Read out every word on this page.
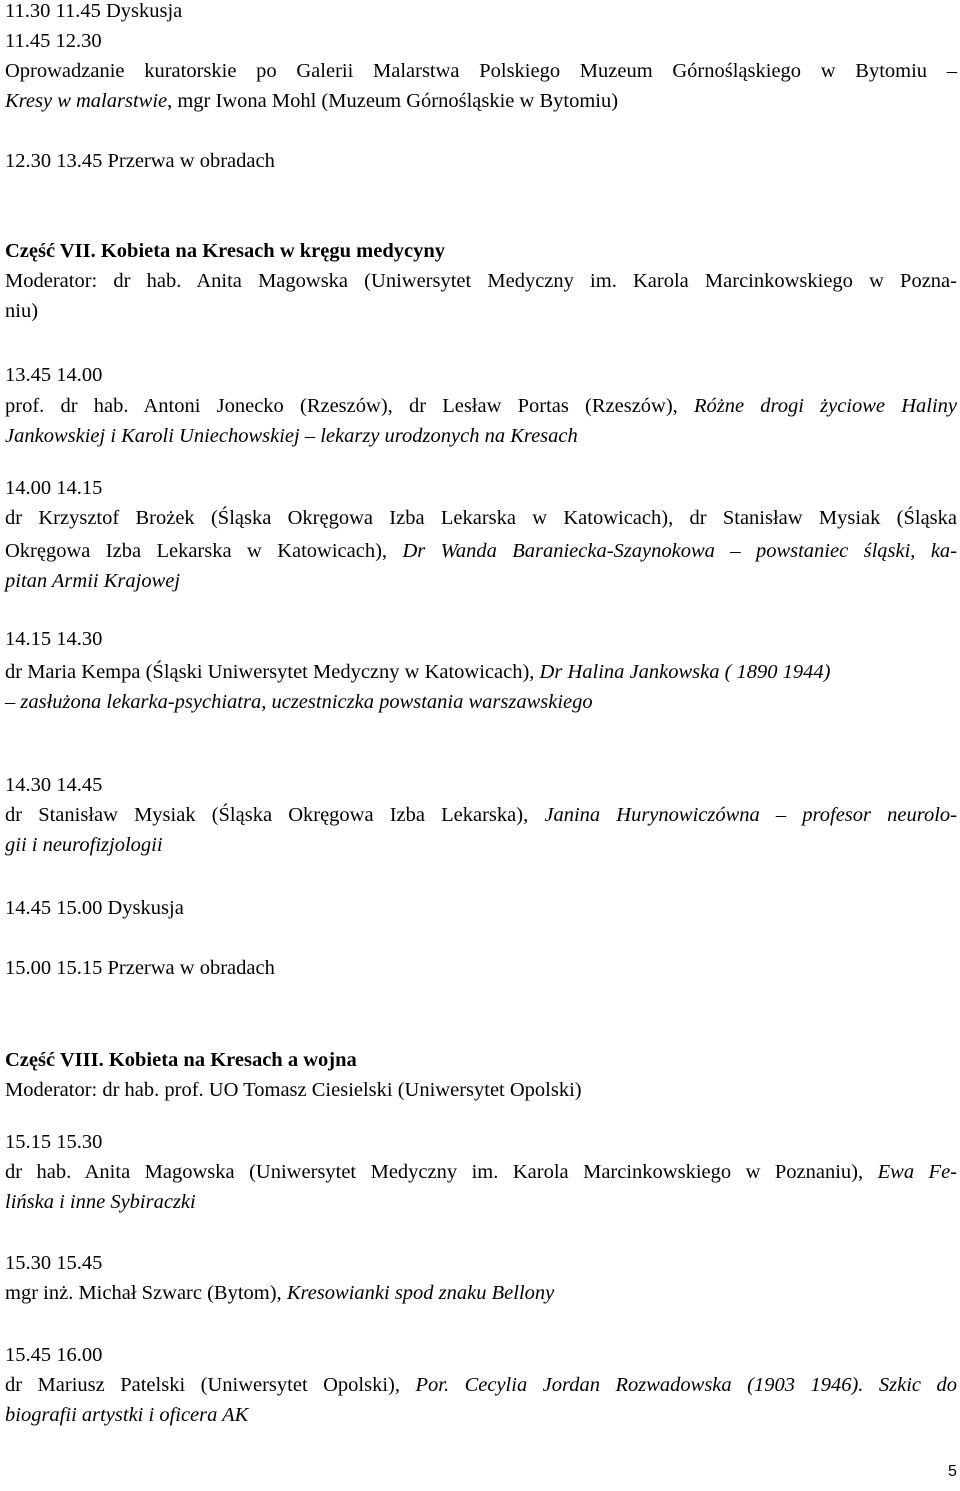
11.30 11.45 Dyskusja
11.45 12.30
Oprowadzanie kuratorskie po Galerii Malarstwa Polskiego Muzeum Górnośląskiego w Bytomiu –
Kresy w malarstwie, mgr Iwona Mohl (Muzeum Górnośląskie w Bytomiu)
12.30 13.45 Przerwa w obradach
Część VII. Kobieta na Kresach w kręgu medycyny
Moderator: dr hab. Anita Magowska (Uniwersytet Medyczny im. Karola Marcinkowskiego w Pozna-
niu)
13.45 14.00
prof. dr hab. Antoni Jonecko (Rzeszów), dr Lesław Portas (Rzeszów), Różne drogi życiowe Haliny
Jankowskiej i Karoli Uniechowskiej – lekarzy urodzonych na Kresach
14.00 14.15
dr Krzysztof Brożek (Śląska Okręgowa Izba Lekarska w Katowicach), dr Stanisław Mysiak (Śląska
Okręgowa Izba Lekarska w Katowicach), Dr Wanda Baraniecka-Szaynokowa – powstaniec śląski, ka-
pitan Armii Krajowej
14.15 14.30
dr Maria Kempa (Śląski Uniwersytet Medyczny w Katowicach), Dr Halina Jankowska ( 1890 1944)
– zasłużona lekarka-psychiatra, uczestniczka powstania warszawskiego
14.30 14.45
dr Stanisław Mysiak (Śląska Okręgowa Izba Lekarska), Janina Hurynowiczówna – profesor neurolo-
gii i neurofizjologii
14.45 15.00 Dyskusja
15.00 15.15 Przerwa w obradach
Część VIII. Kobieta na Kresach a wojna
Moderator: dr hab. prof. UO Tomasz Ciesielski (Uniwersytet Opolski)
15.15 15.30
dr hab. Anita Magowska (Uniwersytet Medyczny im. Karola Marcinkowskiego w Poznaniu), Ewa Fe-
lińska i inne Sybiraczki
15.30 15.45
mgr inż. Michał Szwarc (Bytom), Kresowianki spod znaku Bellony
15.45 16.00
dr Mariusz Patelski (Uniwersytet Opolski), Por. Cecylia Jordan Rozwadowska (1903 1946). Szkic do
biografii artystki i oficera AK
5
